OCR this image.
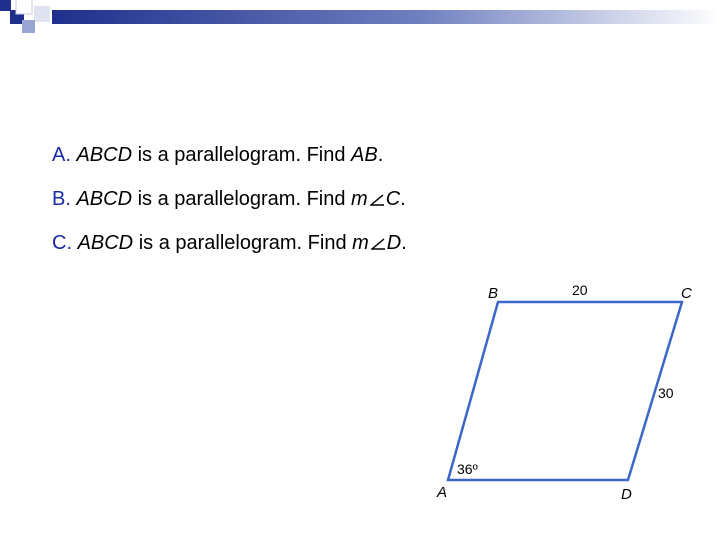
A. ABCD is a parallelogram. Find AB.
B. ABCD is a parallelogram. Find m C.
C. ABCD is a parallelogram. Find m D.
B	C
A	D
20
30
36º
